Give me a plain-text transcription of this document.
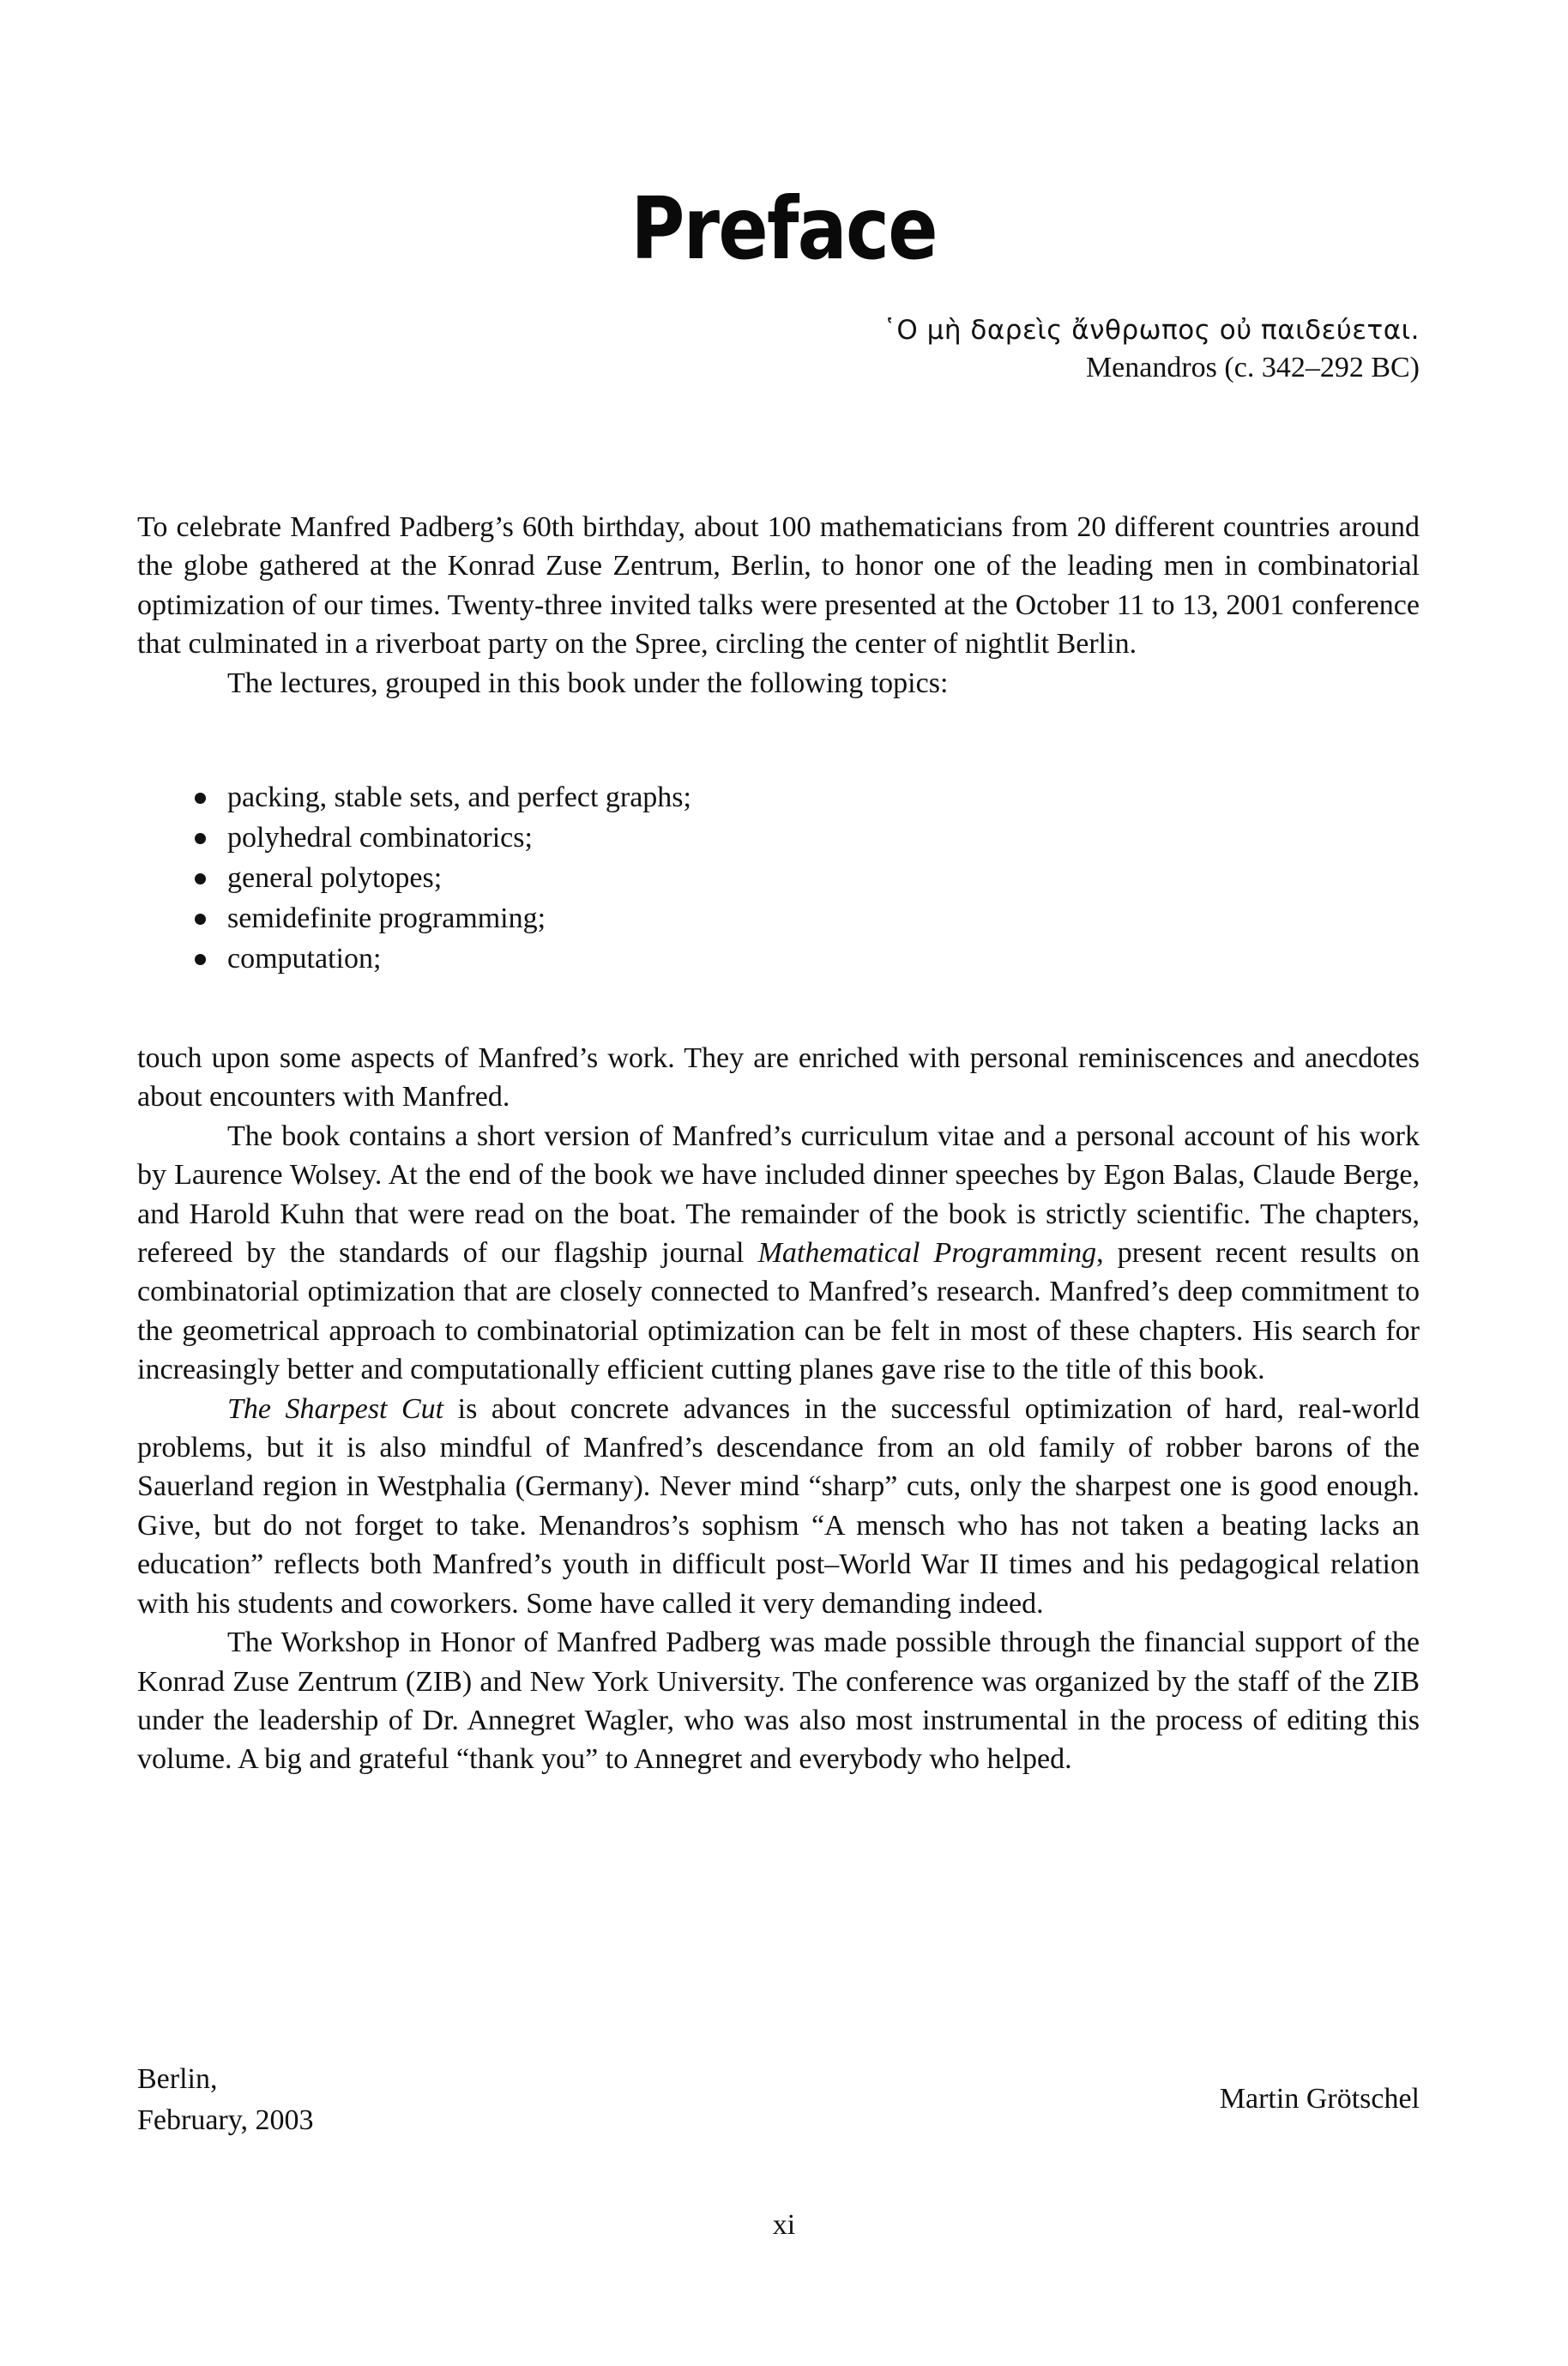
Preface
῾Ο μὴ δαρεὶς ἄνθρωπος οὐ παιδεύεται.
Menandros (c. 342–292 BC)

To celebrate Manfred Padberg’s 60th birthday, about 100 mathematicians from 20 different countries around the globe gathered at the Konrad Zuse Zentrum, Berlin, to honor one of the leading men in combinatorial optimization of our times. Twenty-three invited talks were presented at the October 11 to 13, 2001 conference that culminated in a riverboat party on the Spree, circling the center of nightlit Berlin.

The lectures, grouped in this book under the following topics:

packing, stable sets, and perfect graphs;
polyhedral combinatorics;
general polytopes;
semidefinite programming;
computation;

touch upon some aspects of Manfred’s work. They are enriched with personal reminiscences and anecdotes about encounters with Manfred.

The book contains a short version of Manfred’s curriculum vitae and a personal account of his work by Laurence Wolsey. At the end of the book we have included dinner speeches by Egon Balas, Claude Berge, and Harold Kuhn that were read on the boat. The remainder of the book is strictly scientific. The chapters, refereed by the standards of our flagship journal Mathematical Programming, present recent results on combinatorial optimization that are closely connected to Manfred’s research. Manfred’s deep commitment to the geometrical approach to combinatorial optimization can be felt in most of these chapters. His search for increasingly better and computationally efficient cutting planes gave rise to the title of this book.

The Sharpest Cut is about concrete advances in the successful optimization of hard, real-world problems, but it is also mindful of Manfred’s descendance from an old family of robber barons of the Sauerland region in Westphalia (Germany). Never mind “sharp” cuts, only the sharpest one is good enough. Give, but do not forget to take. Menandros’s sophism “A mensch who has not taken a beating lacks an education” reflects both Manfred’s youth in difficult post–World War II times and his pedagogical relation with his students and coworkers. Some have called it very demanding indeed.

The Workshop in Honor of Manfred Padberg was made possible through the financial support of the Konrad Zuse Zentrum (ZIB) and New York University. The conference was organized by the staff of the ZIB under the leadership of Dr. Annegret Wagler, who was also most instrumental in the process of editing this volume. A big and grateful “thank you” to Annegret and everybody who helped.

Berlin,
February, 2003
Martin Grötschel
xi
